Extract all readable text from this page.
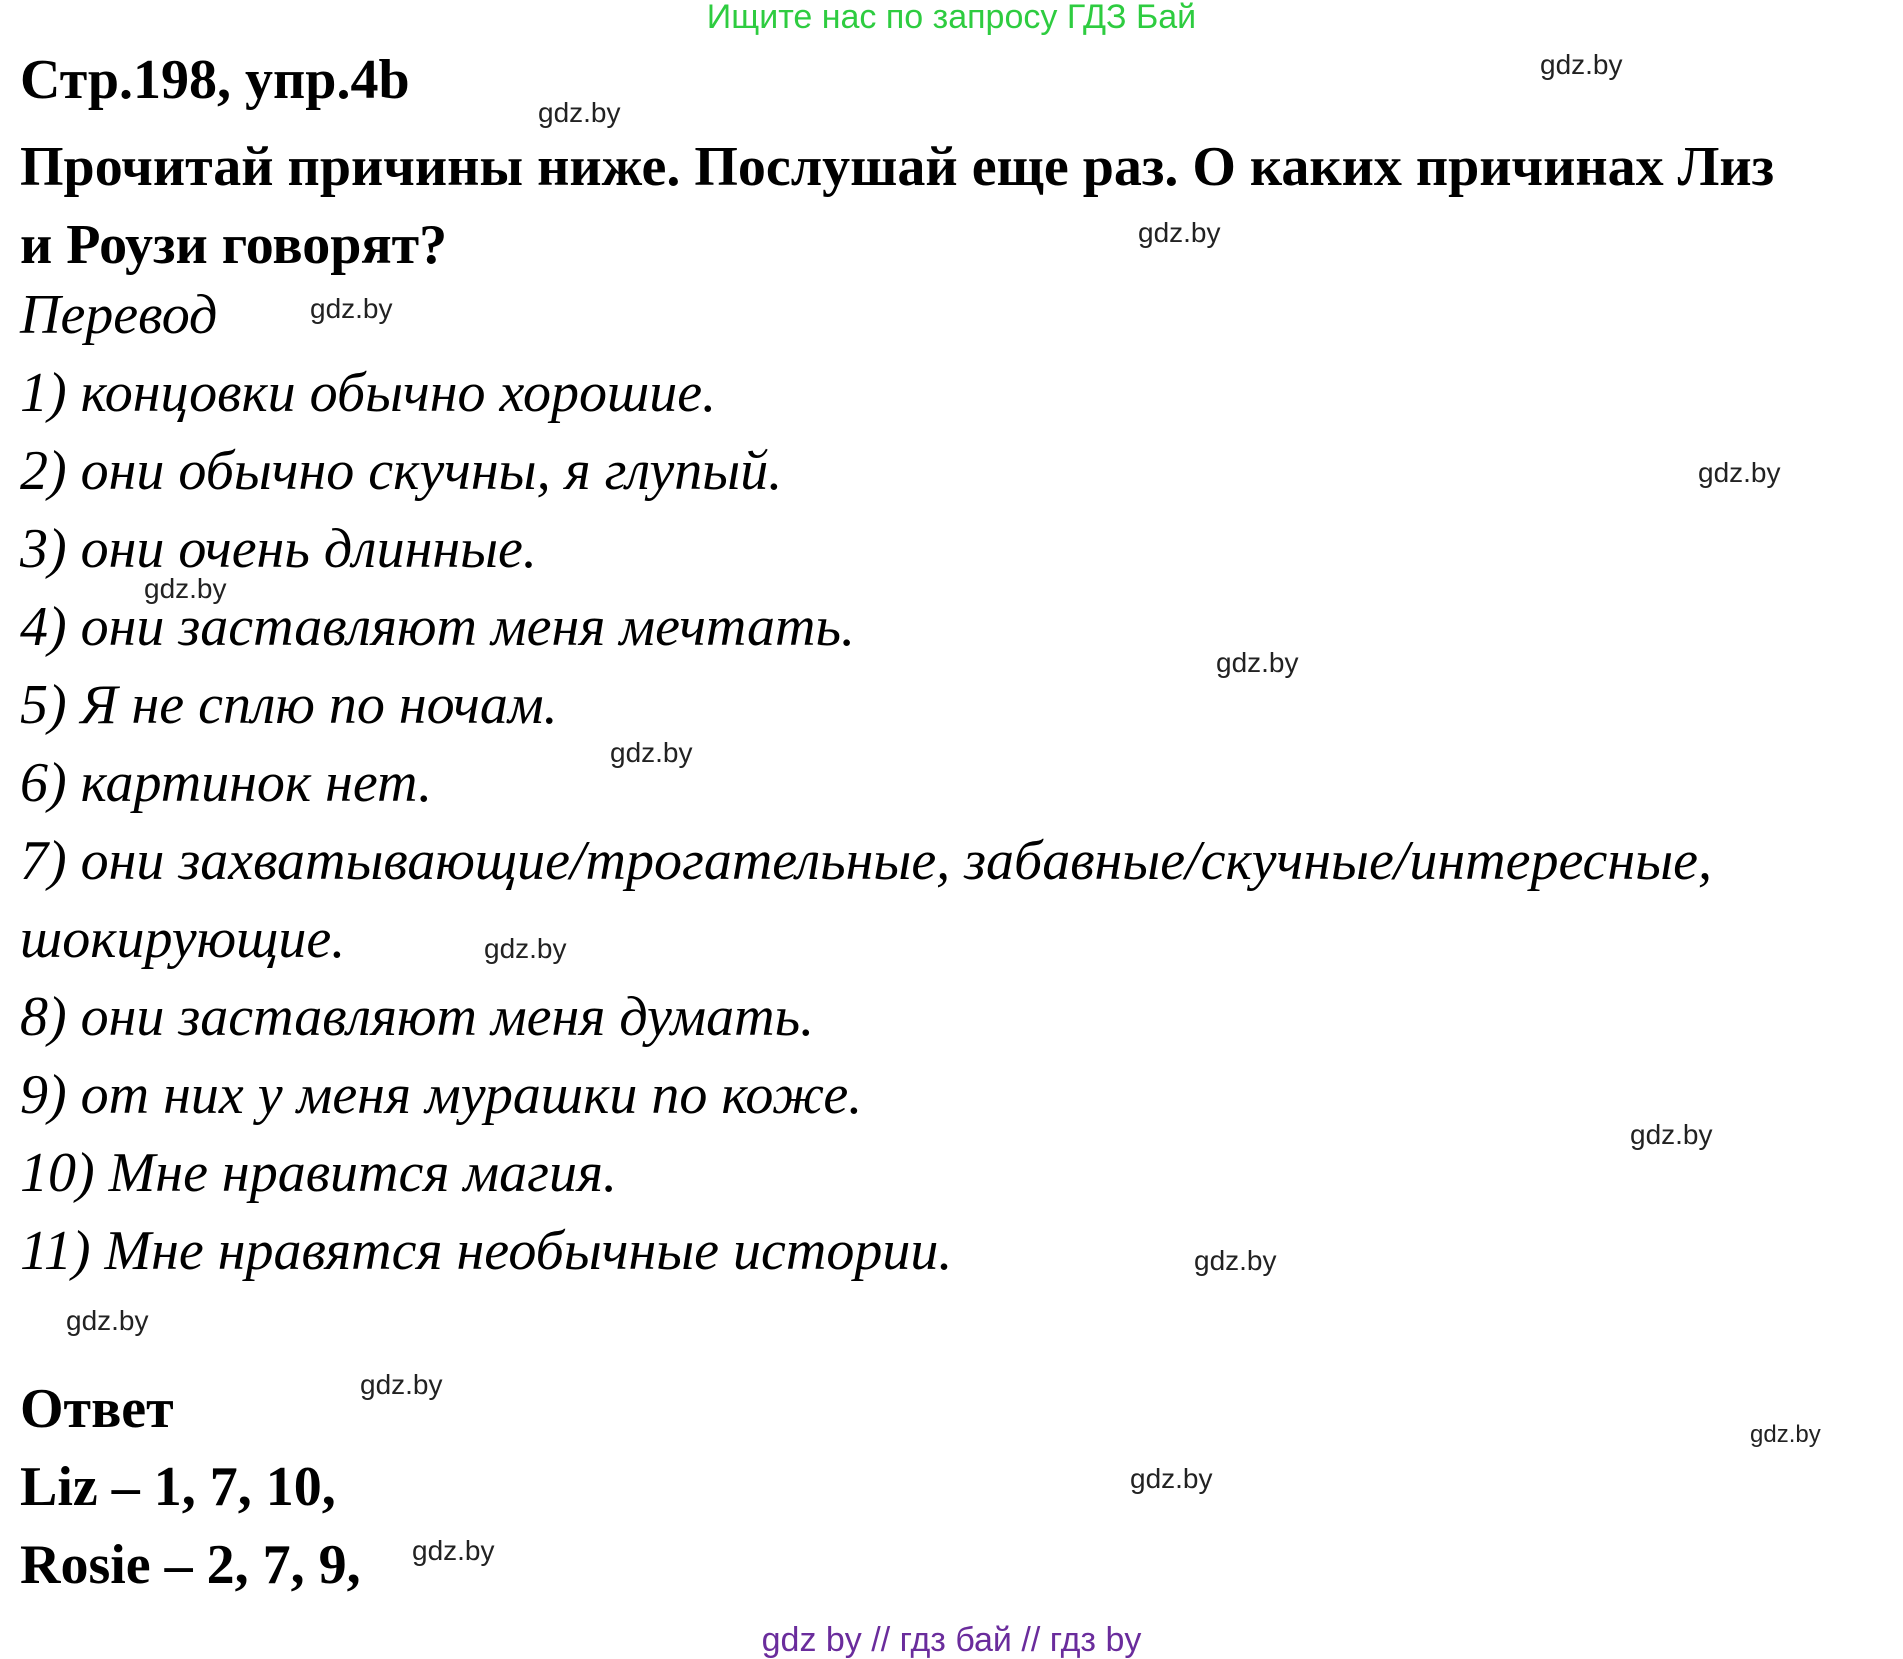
Ищите нас по запросу ГДЗ Бай
Стр.198, упр.4b
Прочитай причины ниже. Послушай еще раз. О каких причинах Лиз
и Роузи говорят?
Перевод
1) концовки обычно хорошие.
2) они обычно скучны, я глупый.
3) они очень длинные.
4) они заставляют меня мечтать.
5) Я не сплю по ночам.
6) картинок нет.
7) они захватывающие/трогательные, забавные/скучные/интересные,
шокирующие.
8) они заставляют меня думать.
9) от них у меня мурашки по коже.
10) Мне нравится магия.
11) Мне нравятся необычные истории.
Ответ
Liz – 1, 7, 10,
Rosie – 2, 7, 9,
gdz.by
gdz.by
gdz.by
gdz.by
gdz.by
gdz.by
gdz.by
gdz.by
gdz.by
gdz.by
gdz.by
gdz.by
gdz.by
gdz.by
gdz.by
gdz.by
gdz by // гдз бай // гдз by
